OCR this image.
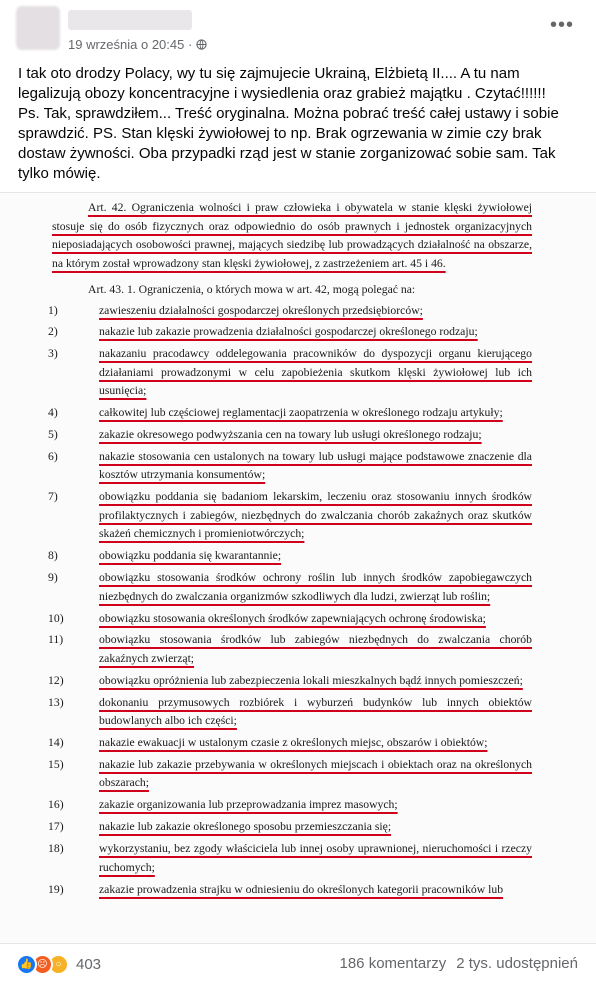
19 września o 20:45 ·
•••

I tak oto drodzy Polacy, wy tu się zajmujecie Ukrainą, Elżbietą II.... A tu nam

legalizują obozy koncentracyjne i wysiedlenia oraz grabież majątku . Czytać!!!!!!

Ps. Tak, sprawdziłem... Treść oryginalna. Można pobrać treść całej ustawy i sobie

sprawdzić. PS. Stan klęski żywiołowej to np. Brak ogrzewania w zimie czy brak

dostaw żywności. Oba przypadki rząd jest w stanie zorganizować sobie sam. Tak

tylko mówię.

Art. 42. Ograniczenia wolności i praw człowieka i obywatela w stanie klęski żywiołowej stosuje się do osób fizycznych oraz odpowiednio do osób prawnych i jednostek organizacyjnych nieposiadających osobowości prawnej, mających siedzibę lub prowadzących działalność na obszarze, na którym został wprowadzony stan klęski żywiołowej, z zastrzeżeniem art. 45 i 46.

Art. 43. 1. Ograniczenia, o których mowa w art. 42, mogą polegać na:

1)	zawieszeniu działalności gospodarczej określonych przedsiębiorców;

2)	nakazie lub zakazie prowadzenia działalności gospodarczej określonego rodzaju;

3)	nakazaniu pracodawcy oddelegowania pracowników do dyspozycji organu kierującego działaniami prowadzonymi w celu zapobieżenia skutkom klęski żywiołowej lub ich usunięcia;

4)	całkowitej lub częściowej reglamentacji zaopatrzenia w określonego rodzaju artykuły;

5)	zakazie okresowego podwyższania cen na towary lub usługi określonego rodzaju;

6)	nakazie stosowania cen ustalonych na towary lub usługi mające podstawowe znaczenie dla kosztów utrzymania konsumentów;

7)	obowiązku poddania się badaniom lekarskim, leczeniu oraz stosowaniu innych środków profilaktycznych i zabiegów, niezbędnych do zwalczania chorób zakaźnych oraz skutków skażeń chemicznych i promieniotwórczych;

8)	obowiązku poddania się kwarantannie;

9)	obowiązku stosowania środków ochrony roślin lub innych środków zapobiegawczych niezbędnych do zwalczania organizmów szkodliwych dla ludzi, zwierząt lub roślin;

10)	obowiązku stosowania określonych środków zapewniających ochronę środowiska;

11)	obowiązku stosowania środków lub zabiegów niezbędnych do zwalczania chorób zakaźnych zwierząt;

12)	obowiązku opróżnienia lub zabezpieczenia lokali mieszkalnych bądź innych pomieszczeń;

13)	dokonaniu przymusowych rozbiórek i wyburzeń budynków lub innych obiektów budowlanych albo ich części;

14)	nakazie ewakuacji w ustalonym czasie z określonych miejsc, obszarów i obiektów;

15)	nakazie lub zakazie przebywania w określonych miejscach i obiektach oraz na określonych obszarach;

16)	zakazie organizowania lub przeprowadzania imprez masowych;

17)	nakazie lub zakazie określonego sposobu przemieszczania się;

18)	wykorzystaniu, bez zgody właściciela lub innej osoby uprawnionej, nieruchomości i rzeczy ruchomych;

19)	zakazie prowadzenia strajku w odniesieniu do określonych kategorii pracowników lub

👍 ☹ ○ 403	186 komentarzy 2 tys. udostępnień
